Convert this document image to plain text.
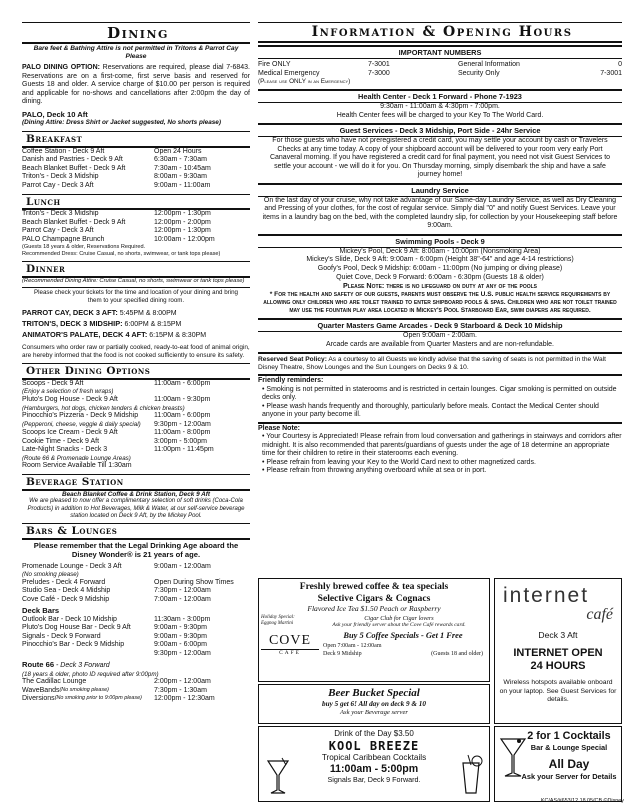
Dining
Bare feet & Bathing Attire is not permitted in Tritons & Parrot Cay Please
PALO DINING OPTION: Reservations are required, please dial 7-6843. Reservations are on a first-come, first serve basis and reserved for Guests 18 and older. A service charge of $10.00 per person is required and applicable for no-shows and cancellations after 2:00pm the day of dining.
PALO, Deck 10 Aft
(Dining Attire: Dress Shirt or Jacket suggested, No shorts please)
Breakfast
Coffee Station - Deck 9 Aft	Open 24 Hours
Danish and Pastries - Deck 9 Aft	6:30am - 7:30am
Beach Blanket Buffet - Deck 9 Aft	7:30am - 10:45am
Triton's - Deck 3 Midship	8:00am - 9:30am
Parrot Cay - Deck 3 Aft	9:00am - 11:00am
Lunch
Triton's - Deck 3 Midship	12:00pm - 1:30pm
Beach Blanket Buffet - Deck 9 Aft	12:00pm - 2:00pm
Parrot Cay - Deck 3 Aft	12:00pm - 1:30pm
PALO Champagne Brunch	10:00am - 12:00pm
(Guests 18 years & older, Reservations Required.
Recommended Dress: Cruise Casual, no shorts, swimwear, or tank tops please)
Dinner
(Recommended Dining Attire: Cruise Casual, no shorts, swimwear or tank tops please)
Please check your tickets for the time and location of your dining and bring them to your specified dining room.
PARROT CAY, DECK 3 AFT: 5:45PM & 8:00PM
TRITON'S, DECK 3 MIDSHIP: 6:00PM & 8:15PM
ANIMATOR'S PALATE, DECK 4 AFT: 6:15PM & 8:30PM
Consumers who order raw or partially cooked, ready-to-eat food of animal origin, are hereby informed that the food is not cooked sufficiently to ensure its safety.
Other Dining Options
Scoops - Deck 9 Aft	11:00am - 6:00pm
(Enjoy a selection of fresh wraps)
Pluto's Dog House - Deck 9 Aft	11:00am - 9:30pm
(Hamburgers, hot dogs, chicken tenders & chicken breasts)
Pinocchio's Pizzeria - Deck 9 Midship	11:00am - 6:00pm
(Pepperoni, cheese, veggie & daily special)	9:30pm - 12:00am
Scoops Ice Cream - Deck 9 Aft	11:00am - 8:00pm
Cookie Time - Deck 9 Aft	3:00pm - 5:00pm
Late-Night Snacks - Deck 3	11:00pm - 11:45pm
(Route 66 & Promenade Lounge Areas)
Room Service Available Till 1:30am
Beverage Station
Beach Blanket Coffee & Drink Station, Deck 9 Aft
We are pleased to now offer a complimentary selection of soft drinks (Coca-Cola Products) in addition to Hot Beverages, Milk & Water, at our self-service beverage station located on Deck 9 Aft, by the Mickey Pool.
Bars & Lounges
Please remember that the Legal Drinking Age aboard the Disney Wonder® is 21 years of age.
Promenade Lounge - Deck 3 Aft	9:00am - 12:00am
(No smoking please)
Preludes - Deck 4 Forward	Open During Show Times
Studio Sea - Deck 4 Midship	7:30pm - 12:00am
Cove Café - Deck 9 Midship	7:00am - 12:00am
Deck Bars
Outlook Bar - Deck 10 Midship	11:30am - 3:00pm
Pluto's Dog House Bar - Deck 9 Aft	9:00am - 9:30pm
Signals - Deck 9 Forward	9:00am - 9:30pm
Pinocchio's Bar - Deck 9 Midship	9:00am - 6:00pm
9:30pm - 12:00am
Route 66 - Deck 3 Forward
(18 years & older, photo ID required after 9:00pm)
The Cadillac Lounge	2:00pm - 12:00am
WaveBands (No smoking please)	7:30pm - 1:30am
Diversions (No smoking prior to 9:00pm please) 12:00pm - 12:30am
Information & Opening Hours
IMPORTANT NUMBERS
Fire ONLY	7-3001	General Information	0
Medical Emergency	7-3000	Security Only	7-3001
(Please use ONLY in an Emergency)
Health Center - Deck 1 Forward - Phone 7-1923
9:30am - 11:00am & 4:30pm - 7:00pm.
Health Center fees will be charged to your Key To The World Card.
Guest Services - Deck 3 Midship, Port Side - 24hr Service
For those guests who have not preregistered a credit card, you may settle your account by cash or Travelers Checks at any time today. A copy of your shipboard account will be delivered to your room very early Port Canaveral morning. If you have registered a credit card for final payment, you need not visit Guest Services to settle your account - we will do it for you. On Thursday morning, simply disembark the ship and have a safe journey home!
Laundry Service
On the last day of your cruise, why not take advantage of our Same-day Laundry Service, as well as Dry Cleaning and Pressing of your clothes, for the cost of regular service. Simply dial "0" and notify Guest Services. Leave your items in a laundry bag on the bed, with the completed laundry slip, for collection by your Housekeeping staff before 9:00am.
Swimming Pools - Deck 9
Mickey's Pool, Deck 9 Aft: 8:00am - 10:00pm (Nonsmoking Area)
Mickey's Slide, Deck 9 Aft: 9:00am - 6:00pm (Height 38"-64" and age 4-14 restrictions)
Goofy's Pool, Deck 9 Midship: 6:00am - 11:00pm (No jumping or diving please)
Quiet Cove, Deck 9 Forward: 6:00am - 6:30pm (Guests 18 & older)
Please Note: there is no lifeguard on duty at any of the pools
* For the health and safety of our guests, parents must observe the U.S. public health service requirements by allowing only children who are toilet trained to enter shipboard pools & spas. Children who are not toilet trained may use the fountain play area located in Mickey's Pool Starboard Ear, swim diapers are required.
Quarter Masters Game Arcades - Deck 9 Starboard & Deck 10 Midship
Open 9:00am - 2:00am.
Arcade cards are available from Quarter Masters and are non-refundable.
Reserved Seat Policy: As a courtesy to all Guests we kindly advise that the saving of seats is not permitted in the Walt Disney Theatre, Show Lounges and the Sun Loungers on Decks 9 & 10.
Friendly reminders:
• Smoking is not permitted in staterooms and is restricted in certain lounges. Cigar smoking is permitted on outside decks only.
• Please wash hands frequently and thoroughly, particularly before meals. Contact the Medical Center should anyone in your party become ill.
Please Note:
• Your Courtesy is Appreciated! Please refrain from loud conversation and gatherings in stairways and corridors after midnight. It is also recommended that parents/guardians of guests under the age of 18 determine an appropriate time for their children to retire in their staterooms each evening.
• Please refrain from leaving your Key to the World Card next to other magnetized cards.
• Please refrain from throwing anything overboard while at sea or in port.
Freshly brewed coffee & tea specials
Selective Cigars & Cognacs
Flavored Ice Tea $1.50 Peach or Raspberry
Holiday Special: Eggnog Martini
Cigar Club for Cigar lovers
Ask your friendly server about the Cove Café rewards card.
COVE
CAFÉ
Buy 5 Coffee Specials - Get 1 Free
Open 7:00am - 12:00am
Deck 9 Midship	(Guests 18 and older)
Beer Bucket Special
buy 5 get 6! All day on deck 9 & 10
Ask your Beverage server
Drink of the Day $3.50
KOOL BREEZE
Tropical Caribbean Cocktails
11:00am - 5:00pm
Signals Bar, Deck 9 Forward.
internet
café
Deck 3 Aft
INTERNET OPEN
24 HOURS
Wireless hotspots available onboard on your laptop. See Guest Services for details.
2 for 1 Cocktails
Bar & Lounge Special
All Day
Ask your Server for Details
KC/AS/#653/12.18.05/CB ©Disney
